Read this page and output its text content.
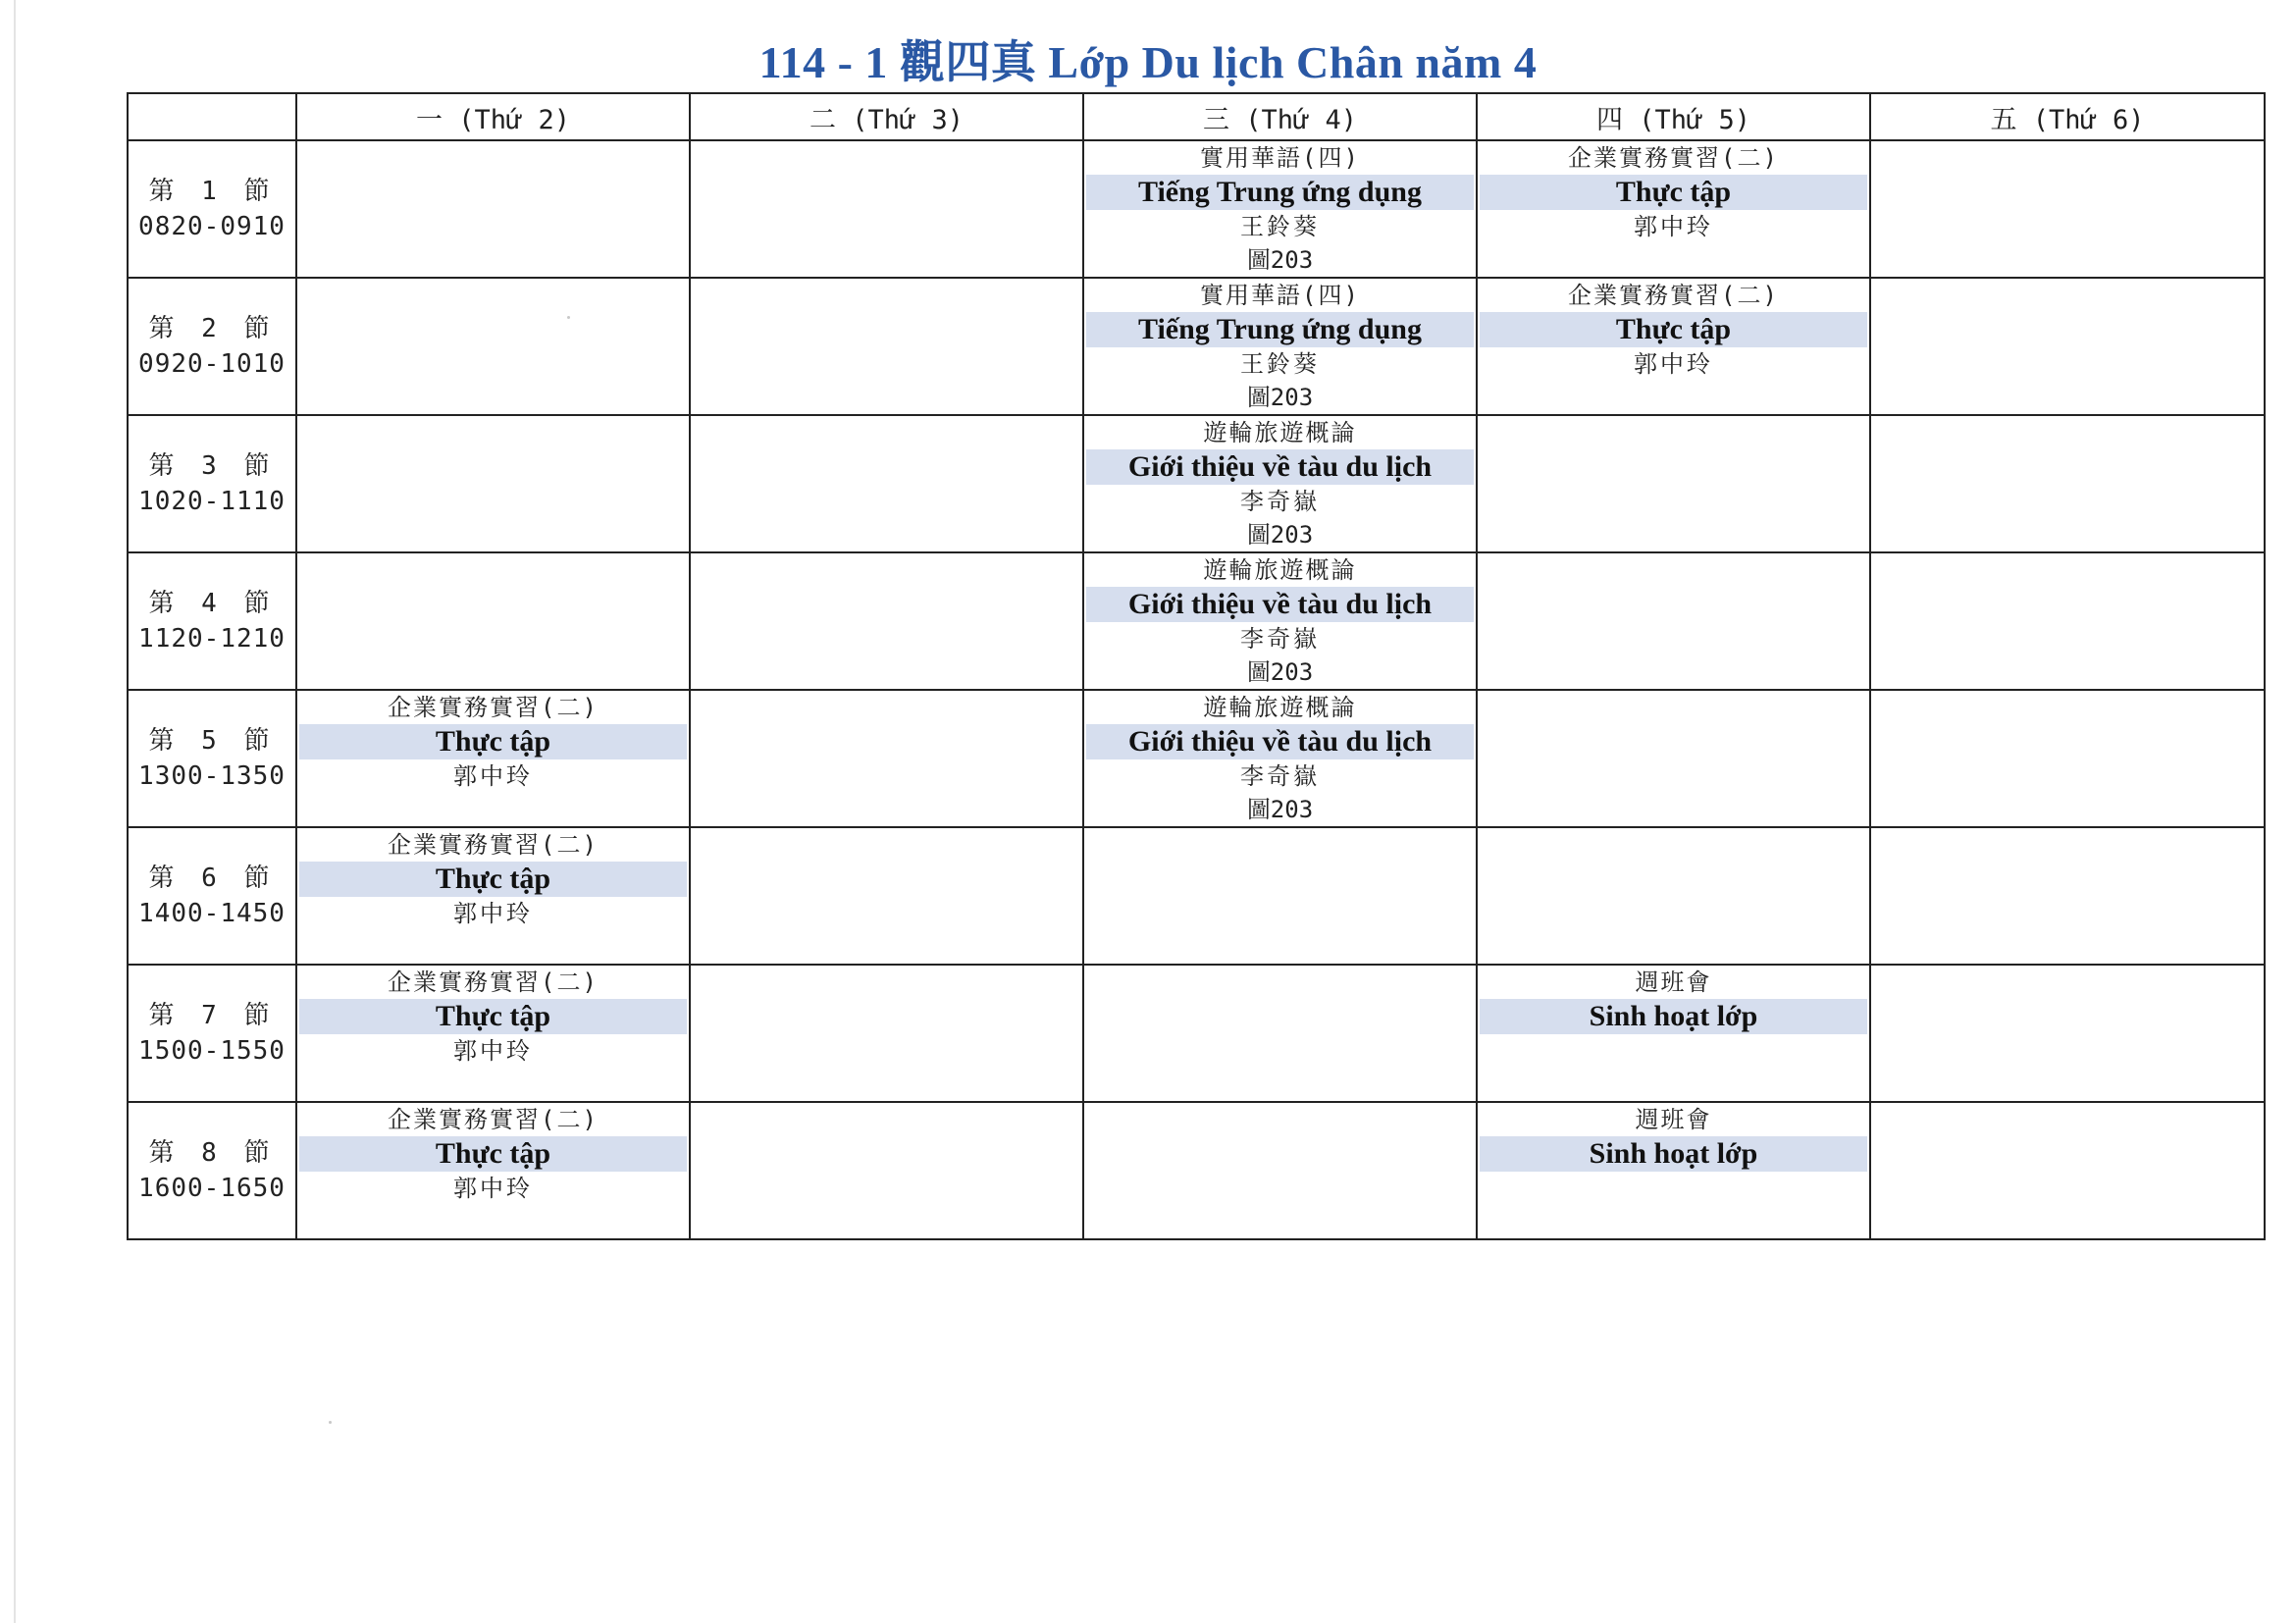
114 - 1 觀四真 Lớp Du lịch Chân năm 4
	一 (Thứ 2)	二 (Thứ 3)	三 (Thứ 4)	四 (Thứ 5)	五 (Thứ 6)

第 1 節
0820-0910			實用華語(四)
Tiếng Trung ứng dụng
王鈴葵
圖203	企業實務實習(二)
Thực tập
郭中玲	

第 2 節
0920-1010			實用華語(四)
Tiếng Trung ứng dụng
王鈴葵
圖203	企業實務實習(二)
Thực tập
郭中玲	

第 3 節
1020-1110			遊輪旅遊概論
Giới thiệu về tàu du lịch
李奇嶽
圖203		

第 4 節
1120-1210			遊輪旅遊概論
Giới thiệu về tàu du lịch
李奇嶽
圖203		

第 5 節
1300-1350	企業實務實習(二)
Thực tập
郭中玲		遊輪旅遊概論
Giới thiệu về tàu du lịch
李奇嶽
圖203		

第 6 節
1400-1450	企業實務實習(二)
Thực tập
郭中玲				

第 7 節
1500-1550	企業實務實習(二)
Thực tập
郭中玲			週班會
Sinh hoạt lớp	

第 8 節
1600-1650	企業實務實習(二)
Thực tập
郭中玲			週班會
Sinh hoạt lớp	
